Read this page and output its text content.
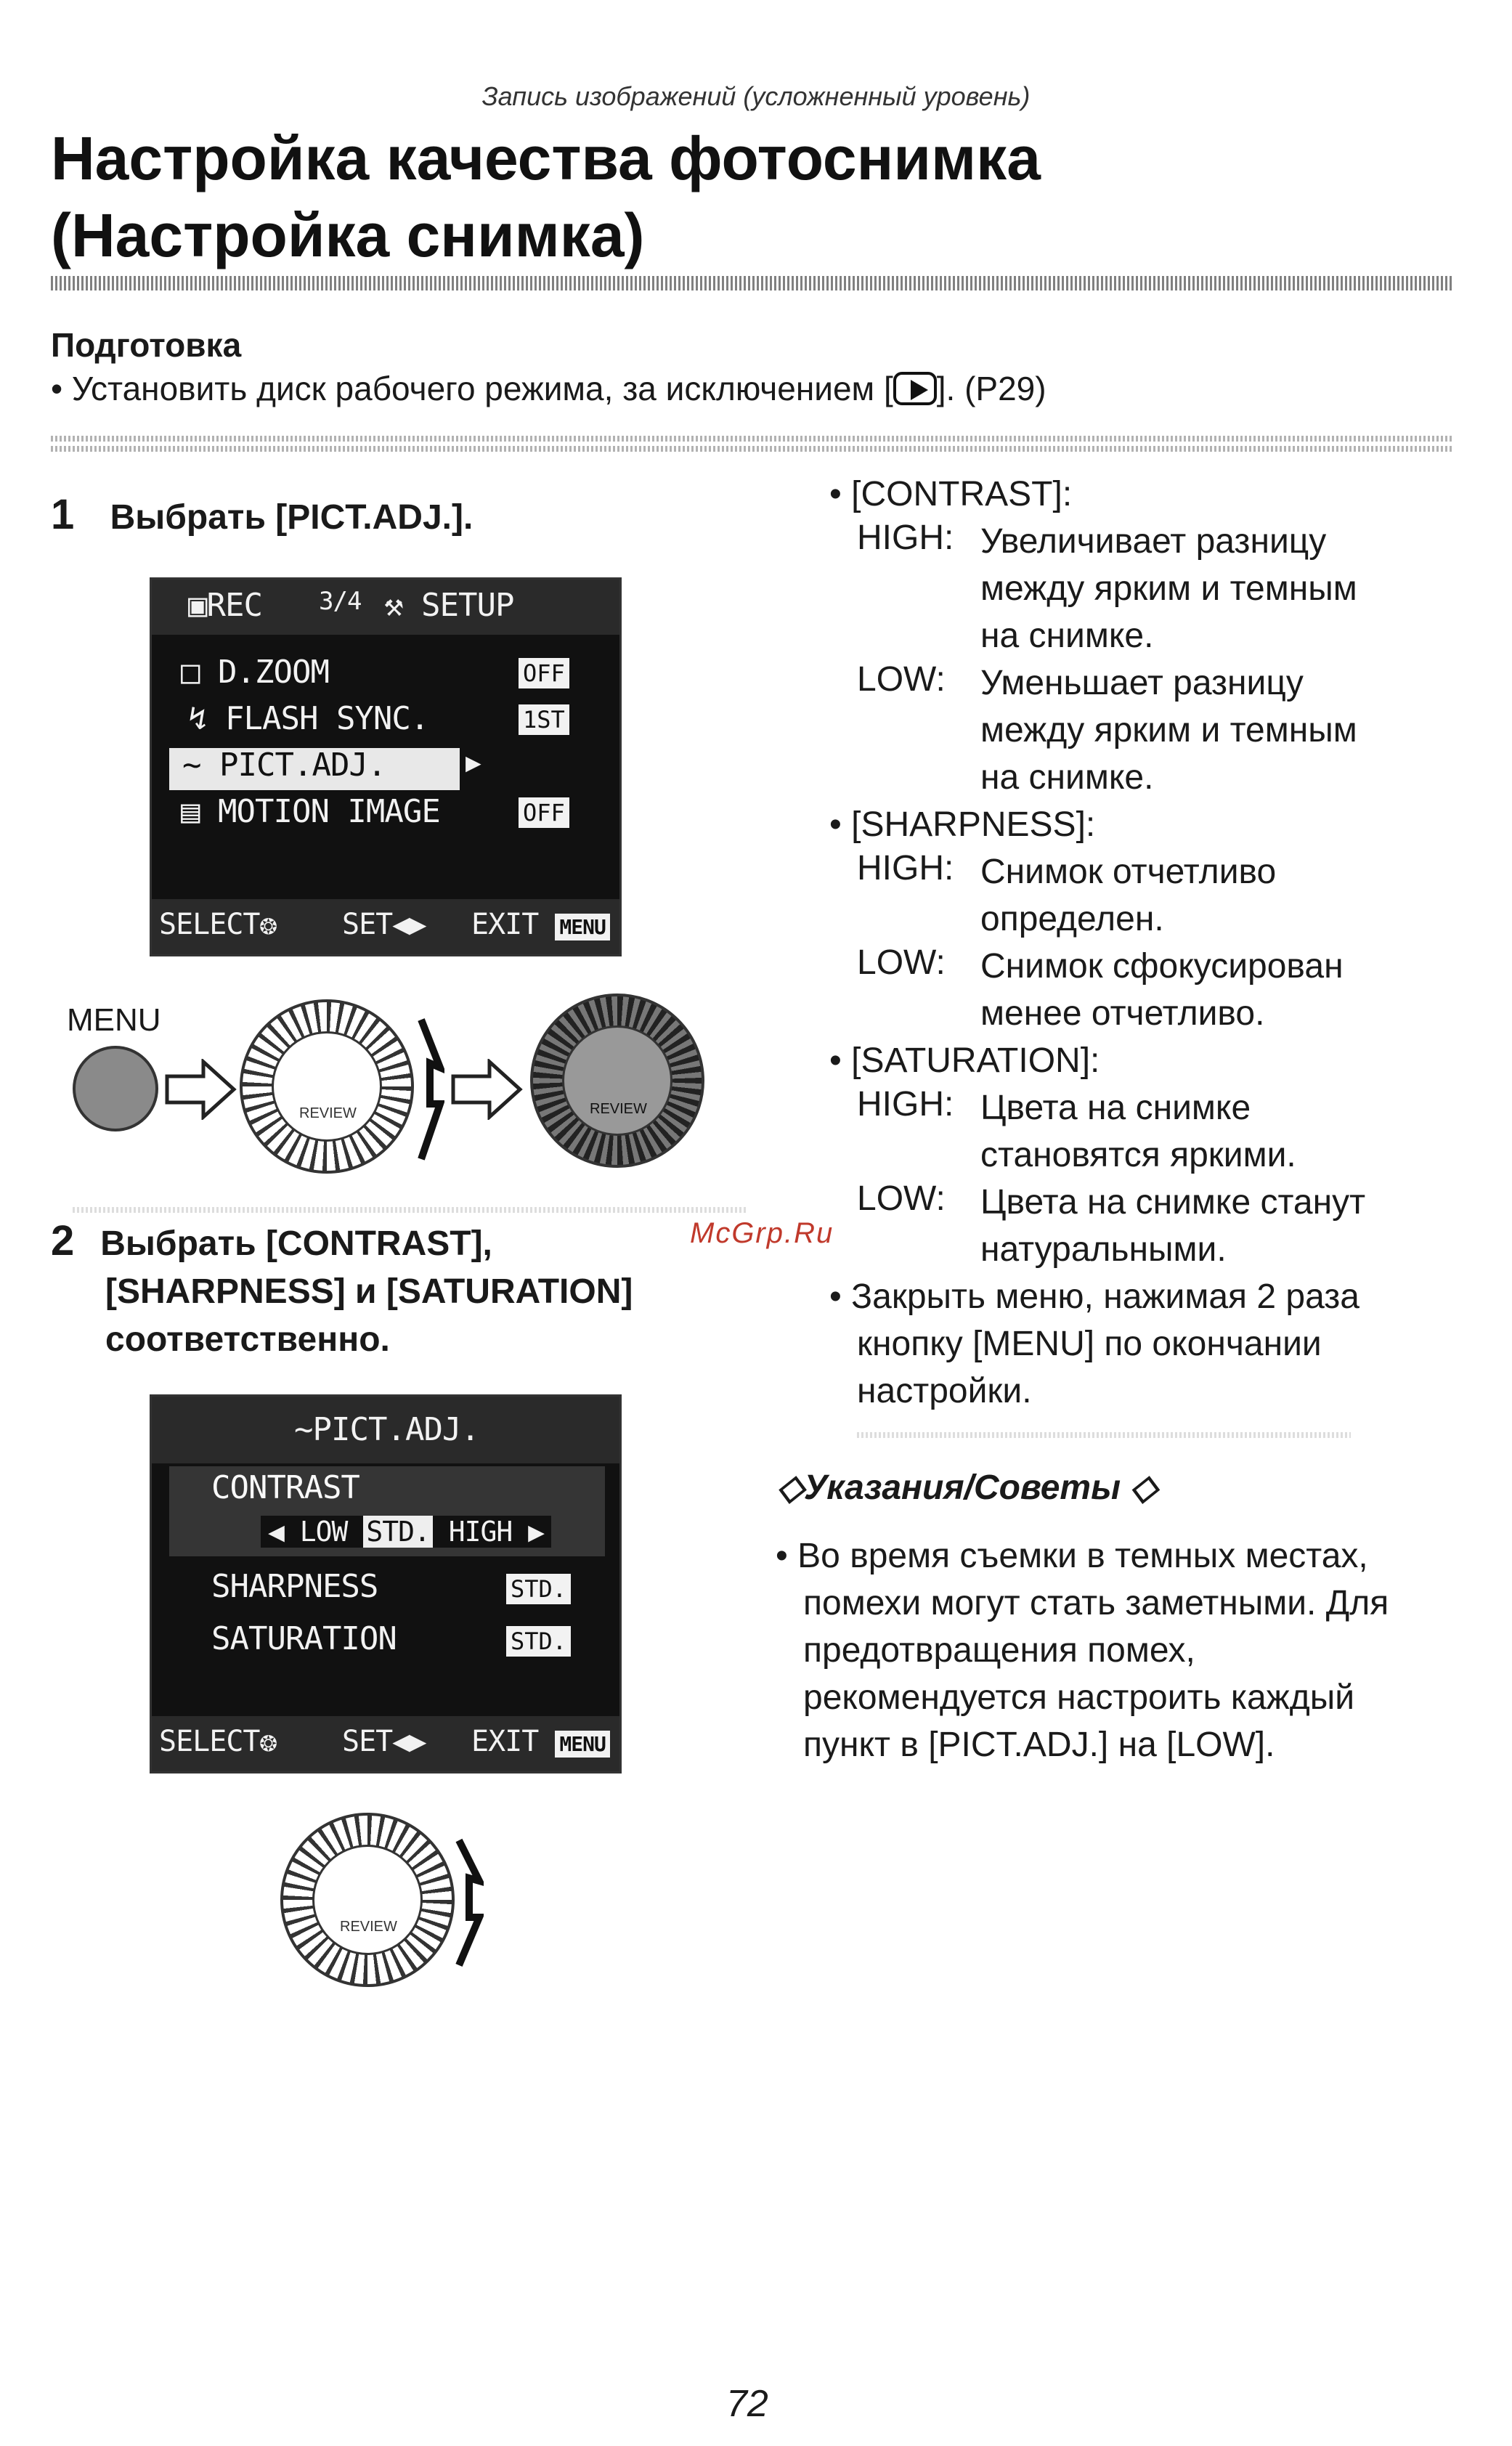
Запись изображений (усложненный уровень)
Настройка качества фотоснимка
(Настройка снимка)
Подготовка
• Установить диск рабочего режима, за исключением [ ]. (P29)
1 Выбрать [PICT.ADJ.].
▣REC 3/4 ⚒ SETUP
□ D.ZOOM	OFF
↯ FLASH SYNC.	1ST
∼ PICT.ADJ.	▶
▤ MOTION IMAGE	OFF
SELECT❂ SET◀▶ EXIT MENU
MENU
REVIEW	REVIEW
2 Выбрать [CONTRAST],
[SHARPNESS] и [SATURATION]
соответственно.
McGrp.Ru
∼PICT.ADJ.
CONTRAST
◀ LOW STD. HIGH ▶
SHARPNESS	STD.
SATURATION	STD.
SELECT❂ SET◀▶ EXIT MENU
REVIEW
• [CONTRAST]:
HIGH: Увеличивает разницу
между ярким и темным
на снимке.
LOW: Уменьшает разницу
между ярким и темным
на снимке.
• [SHARPNESS]:
HIGH: Снимок отчетливо
определен.
LOW: Снимок сфокусирован
менее отчетливо.
• [SATURATION]:
HIGH: Цвета на снимке
становятся яркими.
LOW: Цвета на снимке станут
натуральными.
• Закрыть меню, нажимая 2 раза
кнопку [MENU] по окончании
настройки.
◇Указания/Советы ◇
• Во время съемки в темных местах,
помехи могут стать заметными. Для
предотвращения помех,
рекомендуется настроить каждый
пункт в [PICT.ADJ.] на [LOW].
72
